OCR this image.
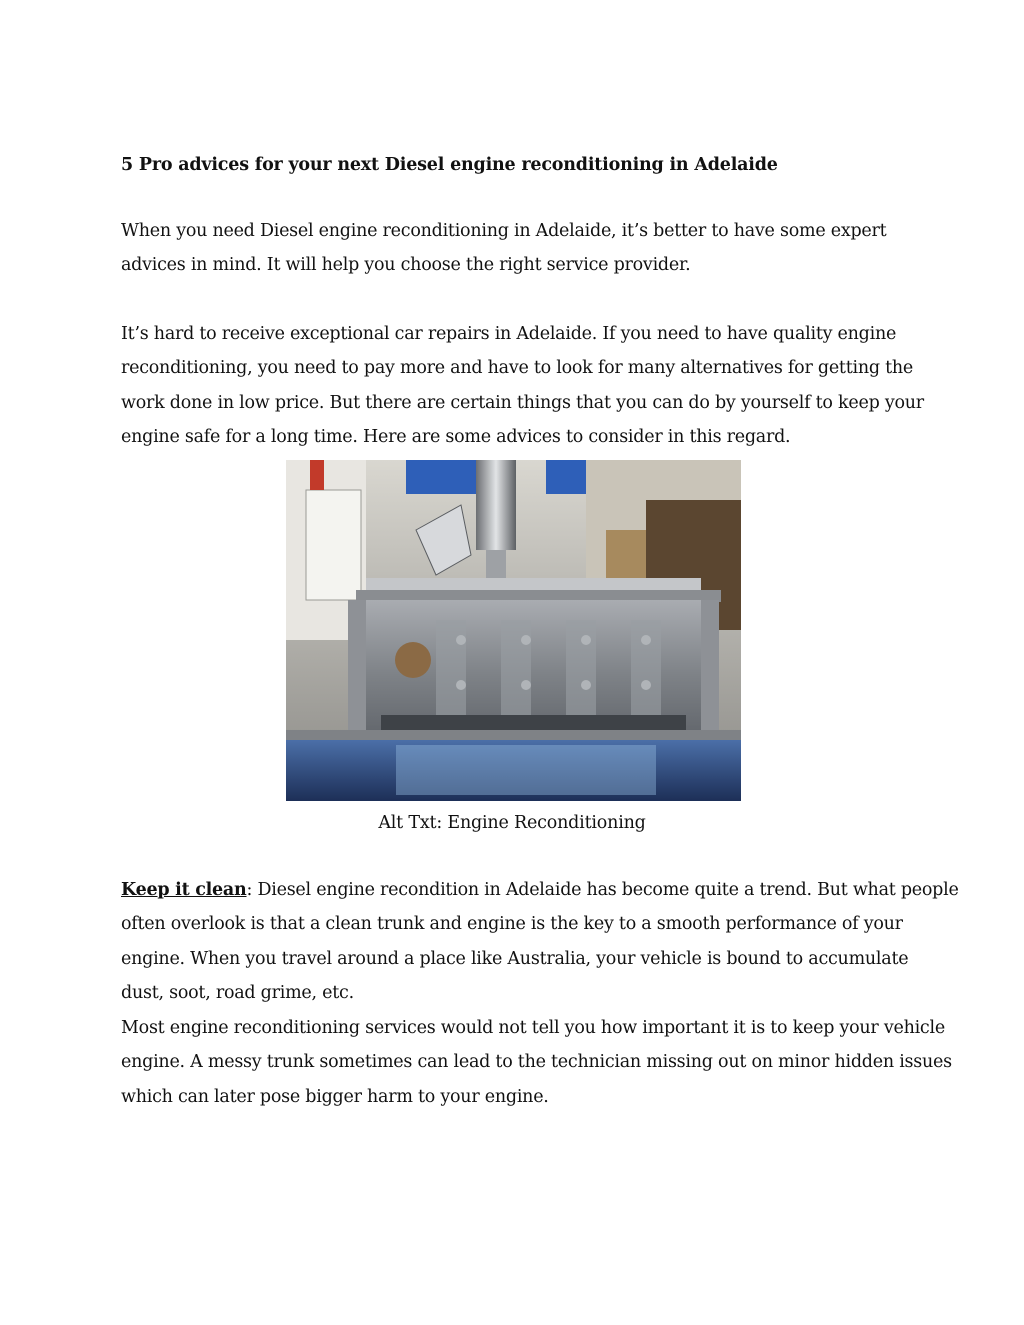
5 Pro advices for your next Diesel engine reconditioning in Adelaide
When you need Diesel engine reconditioning in Adelaide, it’s better to have some expert
advices in mind. It will help you choose the right service provider.
It’s hard to receive exceptional car repairs in Adelaide. If you need to have quality engine
reconditioning, you need to pay more and have to look for many alternatives for getting the
work done in low price. But there are certain things that you can do by yourself to keep your
engine safe for a long time. Here are some advices to consider in this regard.
Alt Txt: Engine Reconditioning
Keep it clean: Diesel engine recondition in Adelaide has become quite a trend. But what people
often overlook is that a clean trunk and engine is the key to a smooth performance of your
engine. When you travel around a place like Australia, your vehicle is bound to accumulate
dust, soot, road grime, etc.
Most engine reconditioning services would not tell you how important it is to keep your vehicle
engine. A messy trunk sometimes can lead to the technician missing out on minor hidden issues
which can later pose bigger harm to your engine.
